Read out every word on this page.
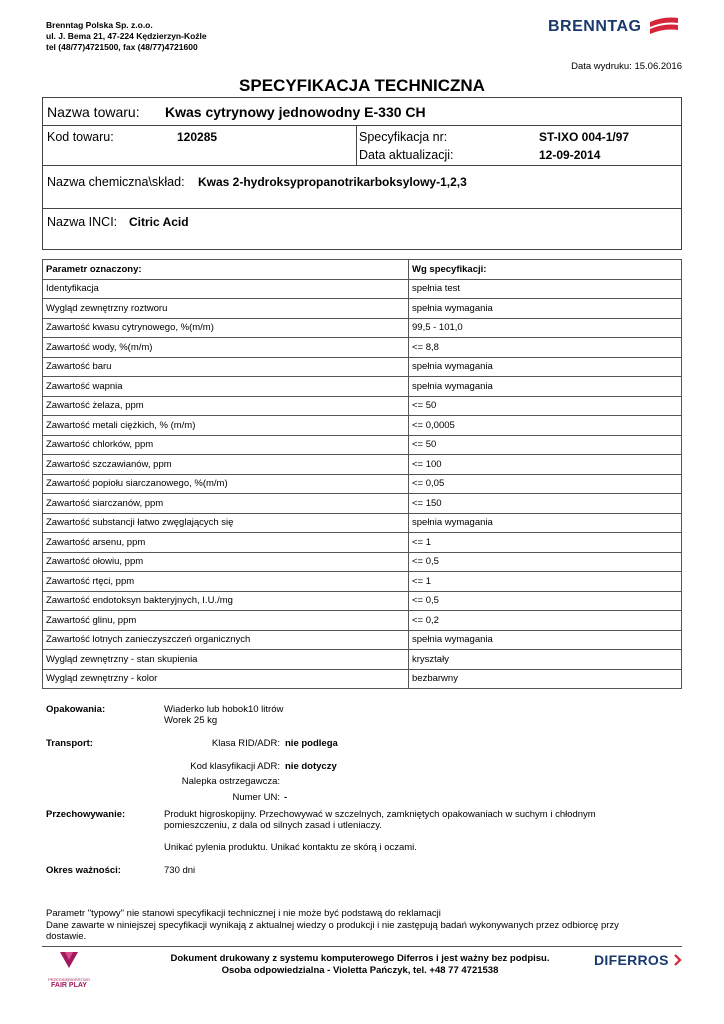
Brenntag Polska Sp. z.o.o.
ul. J. Bema 21, 47-224 Kędzierzyn-Koźle
tel (48/77)4721500, fax (48/77)4721600
BRENNTAG
Data wydruku: 15.06.2016
SPECYFIKACJA TECHNICZNA
Nazwa towaru: Kwas cytrynowy jednowodny E-330 CH
Kod towaru:	120285	Specyfikacja nr:	ST-IXO 004-1/97
Data aktualizacji:	12-09-2014
Nazwa chemiczna\skład: Kwas 2-hydroksypropanotrikarboksylowy-1,2,3
Nazwa INCI: Citric Acid
Parametr oznaczony:	Wg specyfikacji:
Identyfikacja	spełnia test
Wygląd zewnętrzny roztworu	spełnia wymagania
Zawartość kwasu cytrynowego, %(m/m)	99,5 - 101,0
Zawartość wody, %(m/m)	<= 8,8
Zawartość baru	spełnia wymagania
Zawartość wapnia	spełnia wymagania
Zawartość żelaza, ppm	<= 50
Zawartość metali ciężkich, % (m/m)	<= 0,0005
Zawartość chlorków, ppm	<= 50
Zawartość szczawianów, ppm	<= 100
Zawartość popiołu siarczanowego, %(m/m)	<= 0,05
Zawartość siarczanów, ppm	<= 150
Zawartość substancji łatwo zwęglających się	spełnia wymagania
Zawartość arsenu, ppm	<= 1
Zawartość ołowiu, ppm	<= 0,5
Zawartość rtęci, ppm	<= 1
Zawartość endotoksyn bakteryjnych, I.U./mg	<= 0,5
Zawartość glinu, ppm	<= 0,2
Zawartość lotnych zanieczyszczeń organicznych	spełnia wymagania
Wygląd zewnętrzny - stan skupienia	kryształy
Wygląd zewnętrzny - kolor	bezbarwny
Opakowania:	Wiaderko lub hobok10 litrów
Worek 25 kg
Transport:	Klasa RID/ADR: nie podlega
Kod klasyfikacji ADR: nie dotyczy
Nalepka ostrzegawcza:
Numer UN: -
Przechowywanie:	Produkt higroskopijny. Przechowywać w szczelnych, zamkniętych opakowaniach w suchym i chłodnym
pomieszczeniu, z dala od silnych zasad i utleniaczy.
Unikać pylenia produktu. Unikać kontaktu ze skórą i oczami.
Okres ważności:	730 dni
Parametr "typowy" nie stanowi specyfikacji technicznej i nie może być podstawą do reklamacji
Dane zawarte w niniejszej specyfikacji wynikają z aktualnej wiedzy o produkcji i nie zastępują badań wykonywanych przez odbiorcę przy
dostawie.
PRZEDSIĘBIORSTWO
FAIR PLAY
Dokument drukowany z systemu komputerowego Diferros i jest ważny bez podpisu.
Osoba odpowiedzialna - Violetta Pańczyk, tel. +48 77 4721538
DIFERROS
